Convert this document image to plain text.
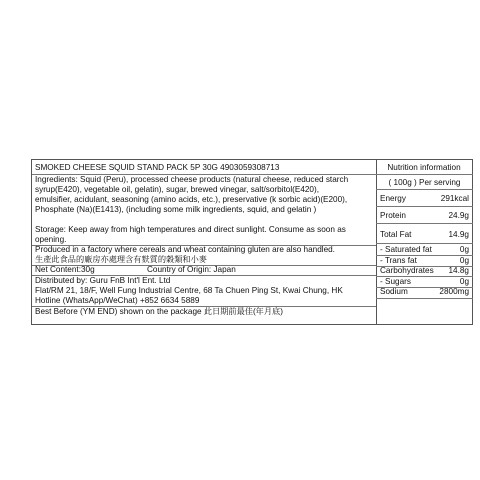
SMOKED CHEESE SQUID STAND PACK 5P 30G 4903059308713
Ingredients: Squid (Peru), processed cheese products (natural cheese, reduced starch
syrup(E420), vegetable oil, gelatin), sugar, brewed vinegar, salt/sorbitol(E420),
emulsifier, acidulant, seasoning (amino acids, etc.), preservative (k sorbic acid)(E200),
Phosphate (Na)(E1413), (including some milk ingredients, squid, and gelatin )
Storage: Keep away from high temperatures and direct sunlight. Consume as soon as
opening.
Produced in a factory where cereals and wheat containing gluten are also handled.
生產此食品的廠房亦處理含有麩質的穀類和小麥
Net Content:30g	Country of Origin: Japan
Distributed by: Guru FnB Int'l Ent. Ltd
Flat/RM 21, 18/F, Well Fung Industrial Centre, 68 Ta Chuen Ping St, Kwai Chung, HK
Hotline (WhatsApp/WeChat) +852 6634 5889
Best Before (YM END) shown on the package 此日期前最佳(年月底)
Nutrition information
( 100g ) Per serving
Energy	291kcal
Protein	24.9g
Total Fat	14.9g
- Saturated fat	0g
- Trans fat	0g
Carbohydrates	14.8g
- Sugars	0g
Sodium	2800mg
